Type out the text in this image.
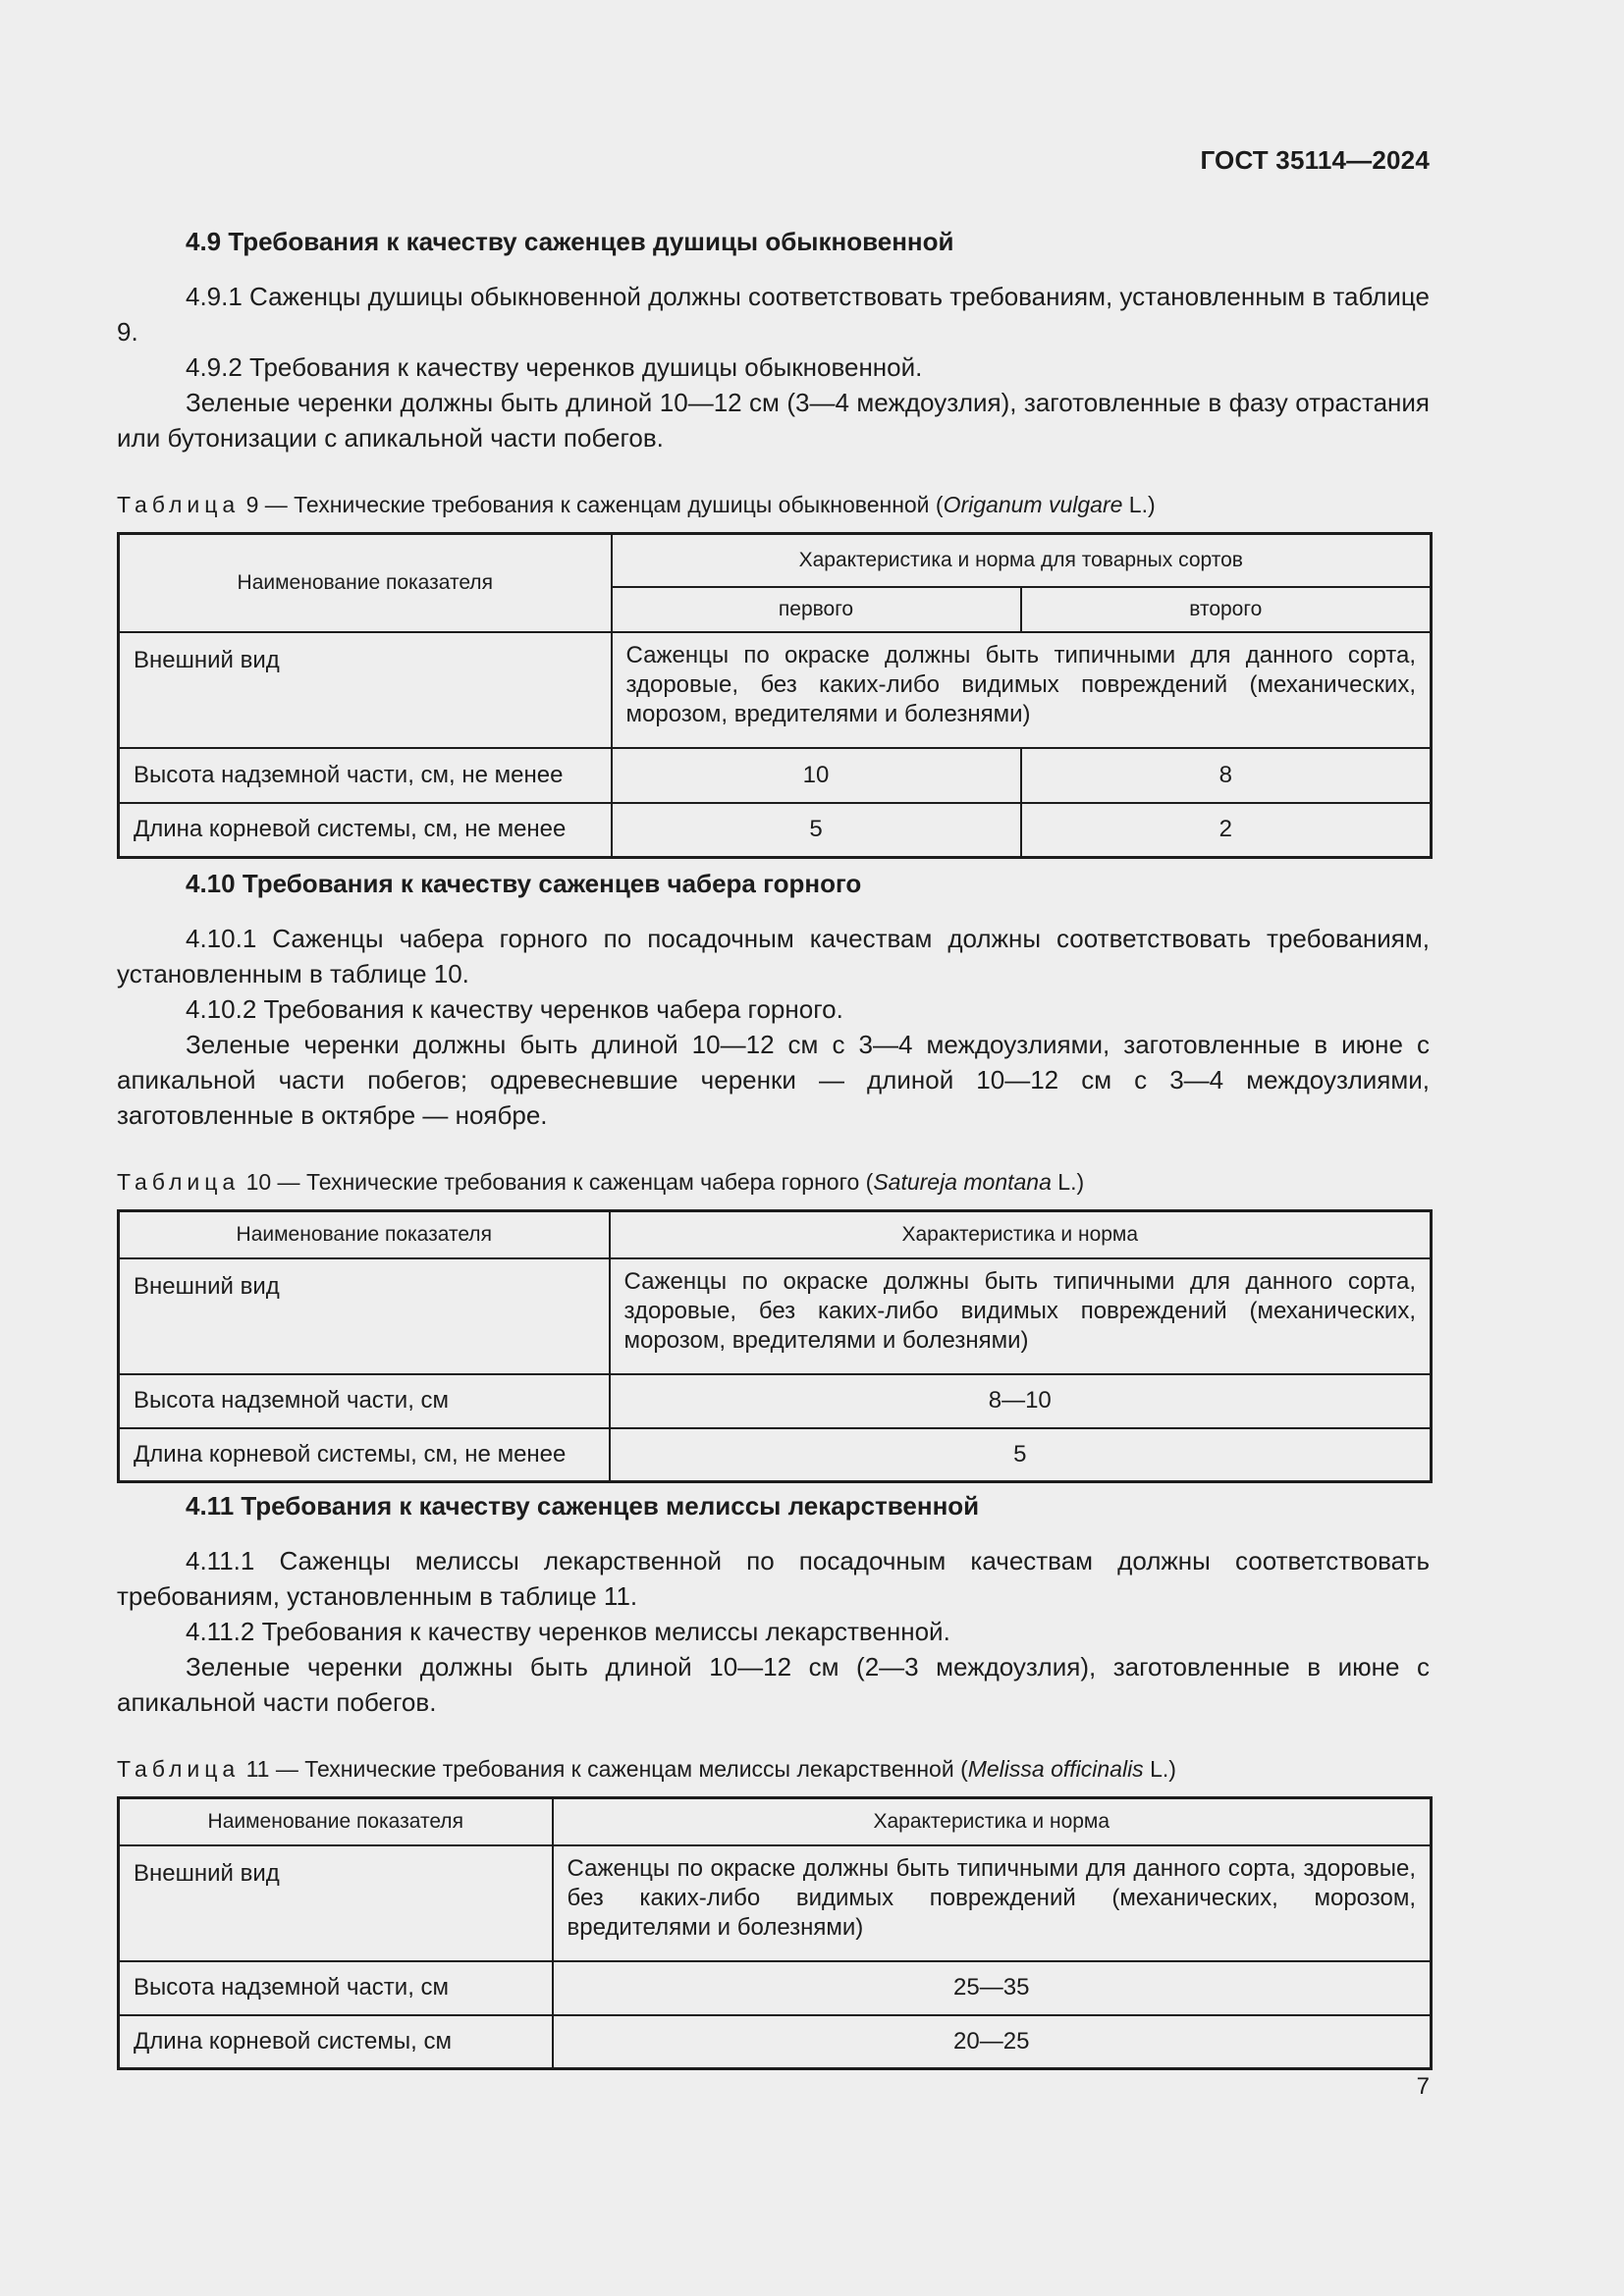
ГОСТ 35114—2024
4.9 Требования к качеству саженцев душицы обыкновенной

4.9.1 Саженцы душицы обыкновенной должны соответствовать требованиям, установленным в таблице 9.

4.9.2 Требования к качеству черенков душицы обыкновенной.

Зеленые черенки должны быть длиной 10—12 см (3—4 междоузлия), заготовленные в фазу отрастания или бутонизации с апикальной части побегов.

Таблица 9 — Технические требования к саженцам душицы обыкновенной (Origanum vulgare L.)
Наименование показателя	Характеристика и норма для товарных сортов	
	первого	второго
Внешний вид	Саженцы по окраске должны быть типичными для данного сорта, здоровые, без каких-либо видимых повреждений (механических, морозом, вредителями и болезнями)	
Высота надземной части, см, не менее	10	8
Длина корневой системы, см, не менее	5	2
4.10 Требования к качеству саженцев чабера горного

4.10.1 Саженцы чабера горного по посадочным качествам должны соответствовать требованиям, установленным в таблице 10.

4.10.2 Требования к качеству черенков чабера горного.

Зеленые черенки должны быть длиной 10—12 см с 3—4 междоузлиями, заготовленные в июне с апикальной части побегов; одревесневшие черенки — длиной 10—12 см с 3—4 междоузлиями, заготовленные в октябре — ноябре.

Таблица 10 — Технические требования к саженцам чабера горного (Satureja montana L.)
Наименование показателя	Характеристика и норма
Внешний вид	Саженцы по окраске должны быть типичными для данного сорта, здоровые, без каких-либо видимых повреждений (механических, морозом, вредителями и болезнями)
Высота надземной части, см	8—10
Длина корневой системы, см, не менее	5
4.11 Требования к качеству саженцев мелиссы лекарственной

4.11.1 Саженцы мелиссы лекарственной по посадочным качествам должны соответствовать требованиям, установленным в таблице 11.

4.11.2 Требования к качеству черенков мелиссы лекарственной.

Зеленые черенки должны быть длиной 10—12 см (2—3 междоузлия), заготовленные в июне с апикальной части побегов.

Таблица 11 — Технические требования к саженцам мелиссы лекарственной (Melissa officinalis L.)
Наименование показателя	Характеристика и норма
Внешний вид	Саженцы по окраске должны быть типичными для данного сорта, здоровые, без каких-либо видимых повреждений (механических, морозом, вредителями и болезнями)
Высота надземной части, см	25—35
Длина корневой системы, см	20—25
7
